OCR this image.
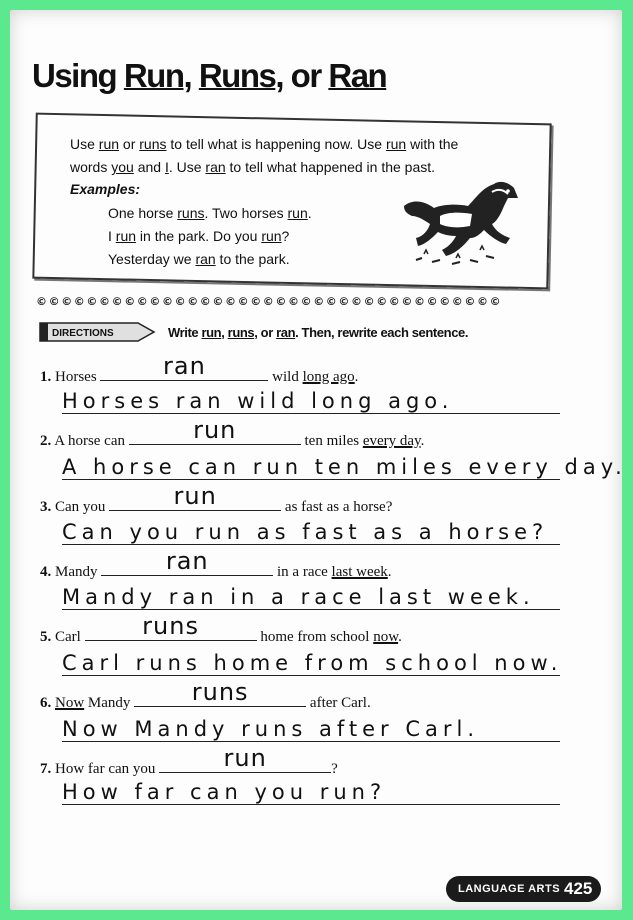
Using Run, Runs, or Ran
Use run or runs to tell what is happening now. Use run with the
words you and I. Use ran to tell what happened in the past.
Examples:
One horse runs. Two horses run.
I run in the park. Do you run?
Yesterday we ran to the park.
©©©©©©©©©©©©©©©©©©©©©©©©©©©©©©©©©©©©©
DIRECTIONS	Write run, runs, or ran. Then, rewrite each sentence.
1. Horses	ran	wild long ago.
Horses ran wild long ago.
2. A horse can	run	ten miles every day.
A horse can run ten miles every day.
3. Can you	run	as fast as a horse?
Can you run as fast as a horse?
4. Mandy	ran	in a race last week.
Mandy ran in a race last week.
5. Carl	runs	home from school now.
Carl runs home from school now.
6. Now Mandy	runs	after Carl.
Now Mandy runs after Carl.
7. How far can you	run	?
How far can you run?
LANGUAGE ARTS 425
